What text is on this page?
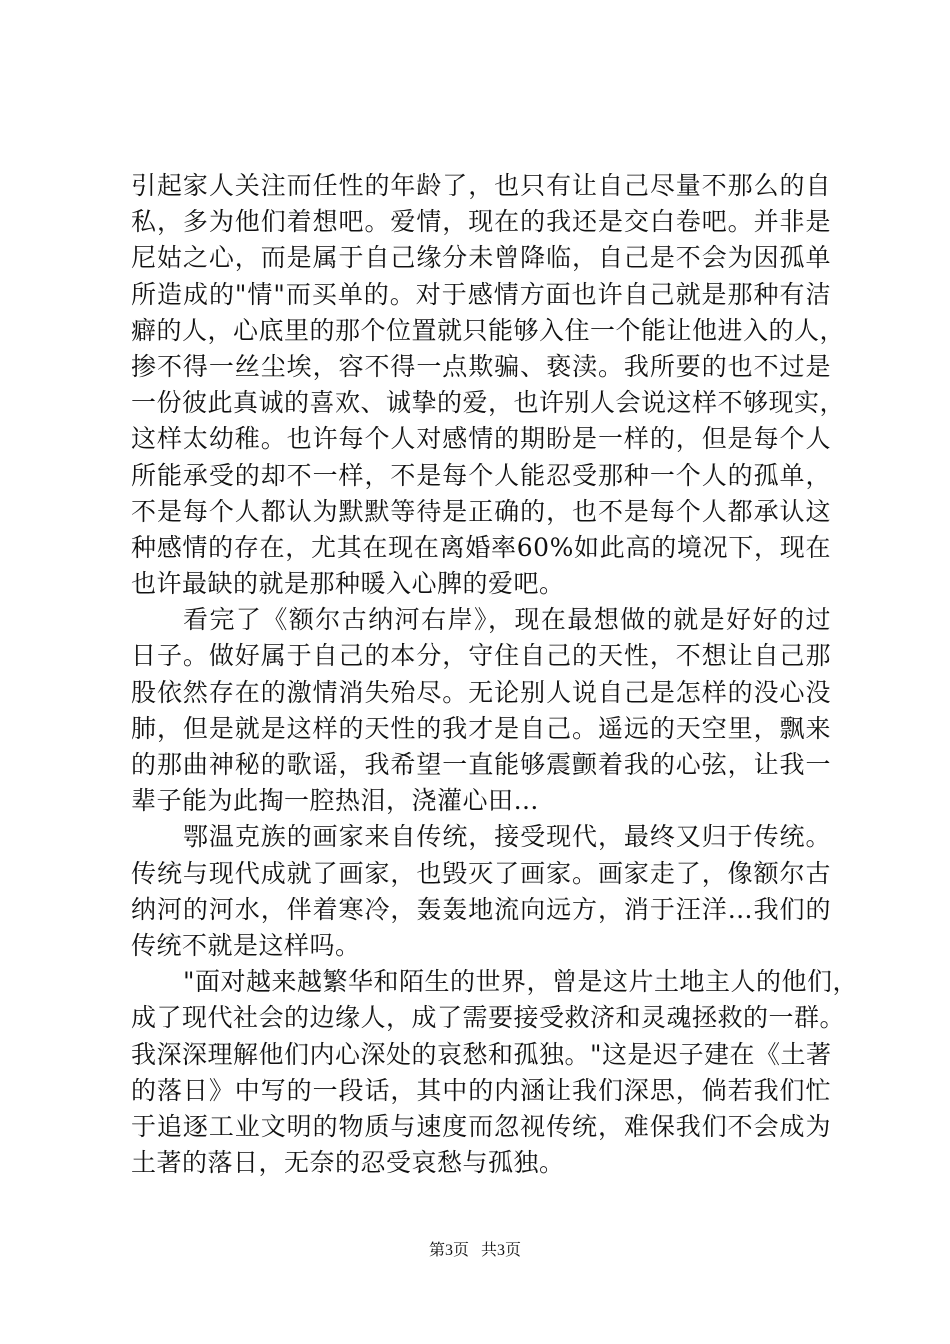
引起家人关注而任性的年龄了，也只有让自己尽量不那么的自
私，多为他们着想吧。爱情，现在的我还是交白卷吧。并非是
尼姑之心，而是属于自己缘分未曾降临，自己是不会为因孤单
所造成的"情"而买单的。对于感情方面也许自己就是那种有洁
癖的人，心底里的那个位置就只能够入住一个能让他进入的人，
掺不得一丝尘埃，容不得一点欺骗、亵渎。我所要的也不过是
一份彼此真诚的喜欢、诚挚的爱，也许别人会说这样不够现实，
这样太幼稚。也许每个人对感情的期盼是一样的，但是每个人
所能承受的却不一样，不是每个人能忍受那种一个人的孤单，
不是每个人都认为默默等待是正确的，也不是每个人都承认这
种感情的存在，尤其在现在离婚率60%如此高的境况下，现在
也许最缺的就是那种暖入心脾的爱吧。
看完了《额尔古纳河右岸》，现在最想做的就是好好的过
日子。做好属于自己的本分，守住自己的天性，不想让自己那
股依然存在的激情消失殆尽。无论别人说自己是怎样的没心没
肺，但是就是这样的天性的我才是自己。遥远的天空里，飘来
的那曲神秘的歌谣，我希望一直能够震颤着我的心弦，让我一
辈子能为此掏一腔热泪，浇灌心田…
鄂温克族的画家来自传统，接受现代，最终又归于传统。
传统与现代成就了画家，也毁灭了画家。画家走了，像额尔古
纳河的河水，伴着寒冷，轰轰地流向远方，消于汪洋…我们的
传统不就是这样吗。
"面对越来越繁华和陌生的世界，曾是这片土地主人的他们，
成了现代社会的边缘人，成了需要接受救济和灵魂拯救的一群。
我深深理解他们内心深处的哀愁和孤独。"这是迟子建在《土著
的落日》中写的一段话，其中的内涵让我们深思，倘若我们忙
于追逐工业文明的物质与速度而忽视传统，难保我们不会成为
土著的落日，无奈的忍受哀愁与孤独。
第3页 共3页
